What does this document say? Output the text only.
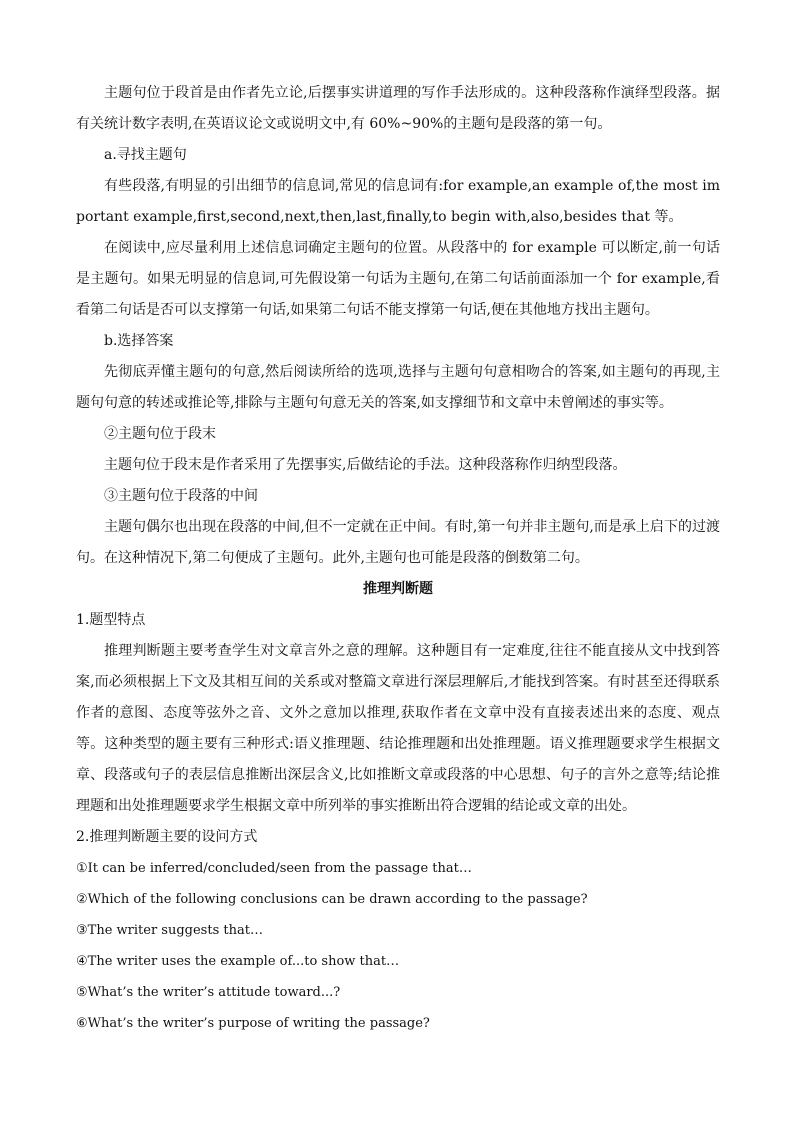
主题句位于段首是由作者先立论,后摆事实讲道理的写作手法形成的。这种段落称作演绎型段落。据有关统计数字表明,在英语议论文或说明文中,有 60%~90%的主题句是段落的第一句。

a.寻找主题句

有些段落,有明显的引出细节的信息词,常见的信息词有:for example,an example of,the most important example,first,second,next,then,last,finally,to begin with,also,besides that 等。

在阅读中,应尽量利用上述信息词确定主题句的位置。从段落中的 for example 可以断定,前一句话是主题句。如果无明显的信息词,可先假设第一句话为主题句,在第二句话前面添加一个 for example,看看第二句话是否可以支撑第一句话,如果第二句话不能支撑第一句话,便在其他地方找出主题句。

b.选择答案

先彻底弄懂主题句的句意,然后阅读所给的选项,选择与主题句句意相吻合的答案,如主题句的再现,主题句句意的转述或推论等,排除与主题句句意无关的答案,如支撑细节和文章中未曾阐述的事实等。

②主题句位于段末

主题句位于段末是作者采用了先摆事实,后做结论的手法。这种段落称作归纳型段落。

③主题句位于段落的中间

主题句偶尔也出现在段落的中间,但不一定就在正中间。有时,第一句并非主题句,而是承上启下的过渡句。在这种情况下,第二句便成了主题句。此外,主题句也可能是段落的倒数第二句。

推理判断题

1.题型特点

推理判断题主要考查学生对文章言外之意的理解。这种题目有一定难度,往往不能直接从文中找到答案,而必须根据上下文及其相互间的关系或对整篇文章进行深层理解后,才能找到答案。有时甚至还得联系作者的意图、态度等弦外之音、文外之意加以推理,获取作者在文章中没有直接表述出来的态度、观点等。这种类型的题主要有三种形式:语义推理题、结论推理题和出处推理题。语义推理题要求学生根据文章、段落或句子的表层信息推断出深层含义,比如推断文章或段落的中心思想、句子的言外之意等;结论推理题和出处推理题要求学生根据文章中所列举的事实推断出符合逻辑的结论或文章的出处。

2.推理判断题主要的设问方式

①It can be inferred/concluded/seen from the passage that…

②Which of the following conclusions can be drawn according to the passage?

③The writer suggests that…

④The writer uses the example of...to show that…

⑤What’s the writer’s attitude toward...?

⑥What’s the writer’s purpose of writing the passage?
